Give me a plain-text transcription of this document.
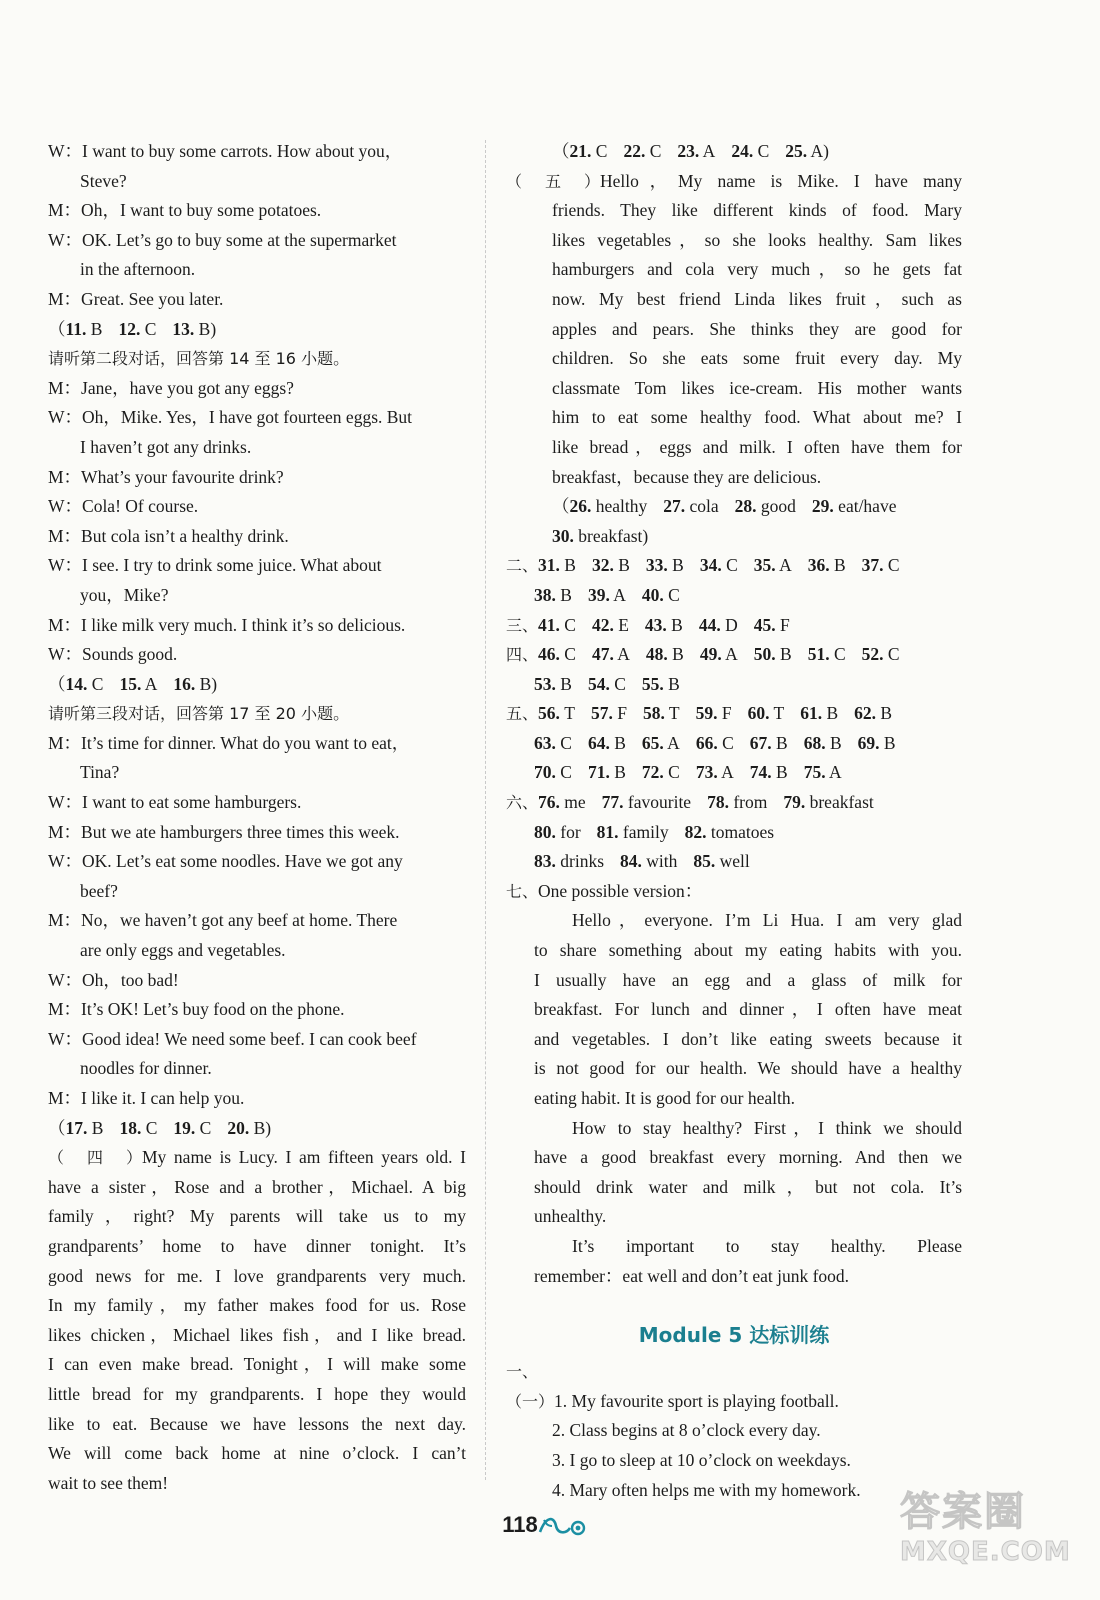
W：I want to buy some carrots. How about you，
Steve?
M：Oh，I want to buy some potatoes.
W：OK. Let’s go to buy some at the supermarket
in the afternoon.
M：Great. See you later.
（11. B 12. C 13. B)
请听第二段对话，回答第 14 至 16 小题。
M：Jane，have you got any eggs?
W：Oh，Mike. Yes，I have got fourteen eggs. But
I haven’t got any drinks.
M：What’s your favourite drink?
W：Cola! Of course.
M：But cola isn’t a healthy drink.
W：I see. I try to drink some juice. What about
you，Mike?
M：I like milk very much. I think it’s so delicious.
W：Sounds good.
（14. C 15. A 16. B)
请听第三段对话，回答第 17 至 20 小题。
M：It’s time for dinner. What do you want to eat，
Tina?
W：I want to eat some hamburgers.
M：But we ate hamburgers three times this week.
W：OK. Let’s eat some noodles. Have we got any
beef?
M：No，we haven’t got any beef at home. There
are only eggs and vegetables.
W：Oh，too bad!
M：It’s OK! Let’s buy food on the phone.
W：Good idea! We need some beef. I can cook beef
noodles for dinner.
M：I like it. I can help you.
（17. B 18. C 19. C 20. B)
（四）My name is Lucy. I am fifteen years old. I
have a sister，Rose and a brother，Michael. A big
family，right? My parents will take us to my
grandparents’ home to have dinner tonight. It’s
good news for me. I love grandparents very much.
In my family，my father makes food for us. Rose
likes chicken，Michael likes fish，and I like bread.
I can even make bread. Tonight，I will make some
little bread for my grandparents. I hope they would
like to eat. Because we have lessons the next day.
We will come back home at nine o’clock. I can’t
wait to see them!
（21. C 22. C 23. A 24. C 25. A)
（五）Hello，My name is Mike. I have many
friends. They like different kinds of food. Mary
likes vegetables，so she looks healthy. Sam likes
hamburgers and cola very much，so he gets fat
now. My best friend Linda likes fruit，such as
apples and pears. She thinks they are good for
children. So she eats some fruit every day. My
classmate Tom likes ice-cream. His mother wants
him to eat some healthy food. What about me? I
like bread，eggs and milk. I often have them for
breakfast，because they are delicious.
（26. healthy 27. cola 28. good 29. eat/have
30. breakfast)
二、31. B 32. B 33. B 34. C 35. A 36. B 37. C
38. B 39. A 40. C
三、41. C 42. E 43. B 44. D 45. F
四、46. C 47. A 48. B 49. A 50. B 51. C 52. C
53. B 54. C 55. B
五、56. T 57. F 58. T 59. F 60. T 61. B 62. B
63. C 64. B 65. A 66. C 67. B 68. B 69. B
70. C 71. B 72. C 73. A 74. B 75. A
六、76. me 77. favourite 78. from 79. breakfast
80. for 81. family 82. tomatoes
83. drinks 84. with 85. well
七、One possible version：
Hello，everyone. I’m Li Hua. I am very glad
to share something about my eating habits with you.
I usually have an egg and a glass of milk for
breakfast. For lunch and dinner，I often have meat
and vegetables. I don’t like eating sweets because it
is not good for our health. We should have a healthy
eating habit. It is good for our health.
How to stay healthy? First，I think we should
have a good breakfast every morning. And then we
should drink water and milk，but not cola. It’s
unhealthy.
It’s important to stay healthy. Please
remember：eat well and don’t eat junk food.
Module 5 达标训练
一、
（一）1. My favourite sport is playing football.
2. Class begins at 8 o’clock every day.
3. I go to sleep at 10 o’clock on weekdays.
4. Mary often helps me with my homework.
118	答案圈
MXQE.COM
